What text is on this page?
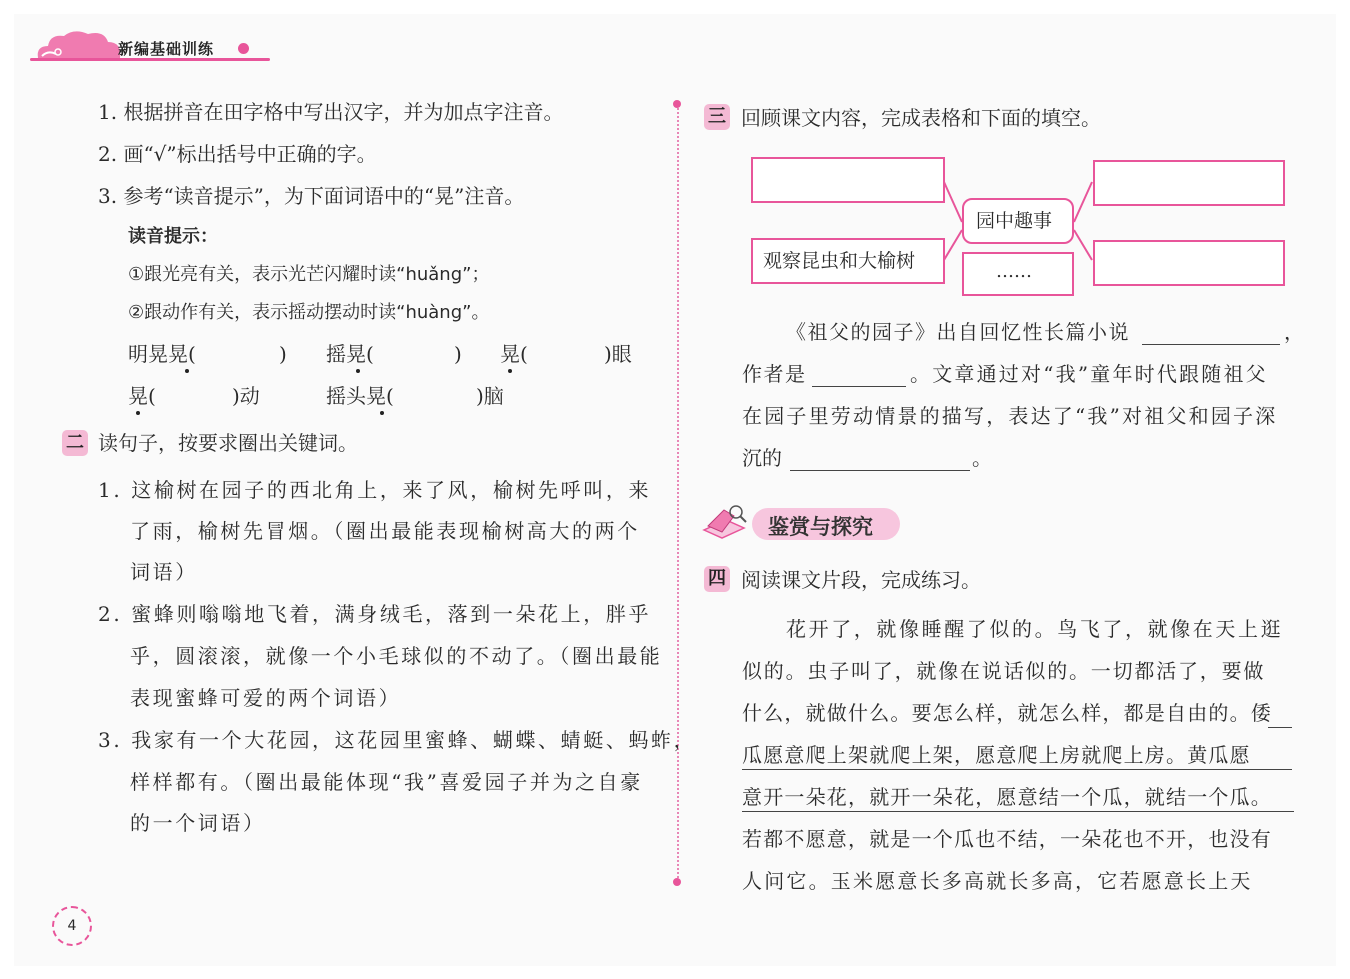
新编基础训练
1. 根据拼音在田字格中写出汉字，并为加点字注音。
2. 画“√”标出括号中正确的字。
3. 参考“读音提示”，为下面词语中的“晃”注音。
读音提示：
①跟光亮有关，表示光芒闪耀时读“huǎng”；
②跟动作有关，表示摇动摆动时读“huàng”。
明晃晃(	) 摇晃(	) 晃(	)眼
晃(	)动	摇头晃(	)脑
二 读句子，按要求圈出关键词。
1. 这榆树在园子的西北角上，来了风，榆树先呼叫，来
了雨，榆树先冒烟。（圈出最能表现榆树高大的两个
词语）
2. 蜜蜂则嗡嗡地飞着，满身绒毛，落到一朵花上，胖乎
乎，圆滚滚，就像一个小毛球似的不动了。（圈出最能
表现蜜蜂可爱的两个词语）
3. 我家有一个大花园，这花园里蜜蜂、蝴蝶、蜻蜓、蚂蚱，
样样都有。（圈出最能体现“我”喜爱园子并为之自豪
的一个词语）
三 回顾课文内容，完成表格和下面的填空。
观察昆虫和大榆树
园中趣事
……
《祖父的园子》出自回忆性长篇小说	，
作者是	。文章通过对“我”童年时代跟随祖父
在园子里劳动情景的描写，表达了“我”对祖父和园子深
沉的	。
鉴赏与探究
四 阅读课文片段，完成练习。
花开了，就像睡醒了似的。鸟飞了，就像在天上逛
似的。虫子叫了，就像在说话似的。一切都活了，要做
什么，就做什么。要怎么样，就怎么样，都是自由的。倭
瓜愿意爬上架就爬上架，愿意爬上房就爬上房。黄瓜愿
意开一朵花，就开一朵花，愿意结一个瓜，就结一个瓜。
若都不愿意，就是一个瓜也不结，一朵花也不开，也没有
人问它。玉米愿意长多高就长多高，它若愿意长上天
4
